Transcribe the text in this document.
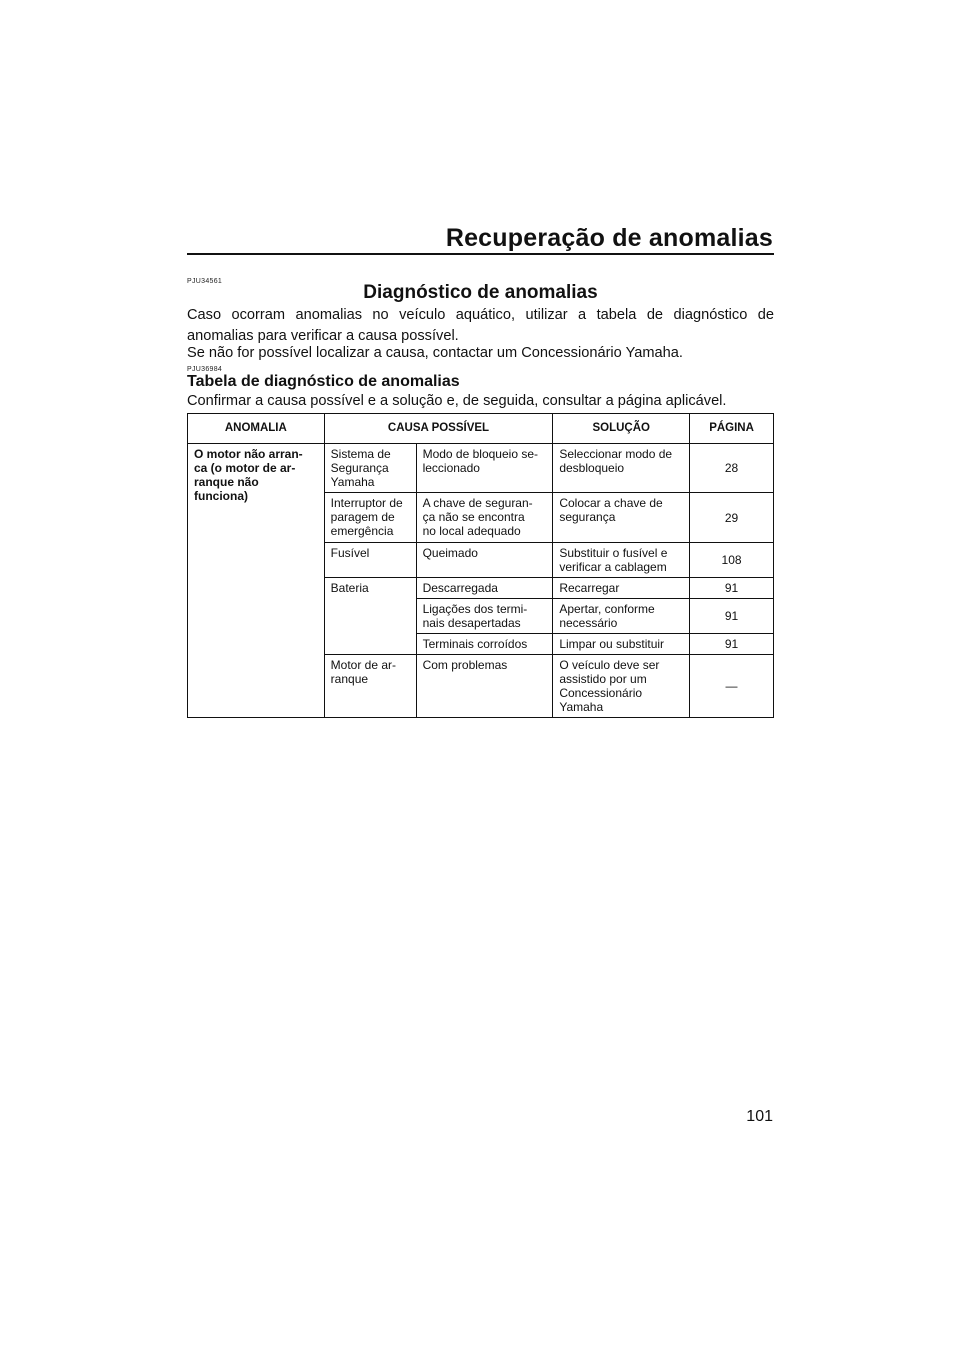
Recuperação de anomalias
PJU34561
Diagnóstico de anomalias
Caso ocorram anomalias no veículo aquático, utilizar a tabela de diagnóstico de anomalias para verificar a causa possível.
Se não for possível localizar a causa, contactar um Concessionário Yamaha.
PJU36984
Tabela de diagnóstico de anomalias
Confirmar a causa possível e a solução e, de seguida, consultar a página aplicável.
ANOMALIA	CAUSA POSSÍVEL		SOLUÇÃO	PÁGINA
O motor não arran-
ca (o motor de ar-
ranque não
funciona)	Sistema de
Segurança
Yamaha	Modo de bloqueio se-
leccionado	Seleccionar modo de
desbloqueio	28
	Interruptor de
paragem de
emergência	A chave de seguran-
ça não se encontra
no local adequado	Colocar a chave de
segurança	29
	Fusível	Queimado	Substituir o fusível e
verificar a cablagem	108
	Bateria	Descarregada	Recarregar	91
		Ligações dos termi-
nais desapertadas	Apertar, conforme
necessário	91
		Terminais corroídos	Limpar ou substituir	91
	Motor de ar-
ranque	Com problemas	O veículo deve ser
assistido por um
Concessionário
Yamaha	—
101
